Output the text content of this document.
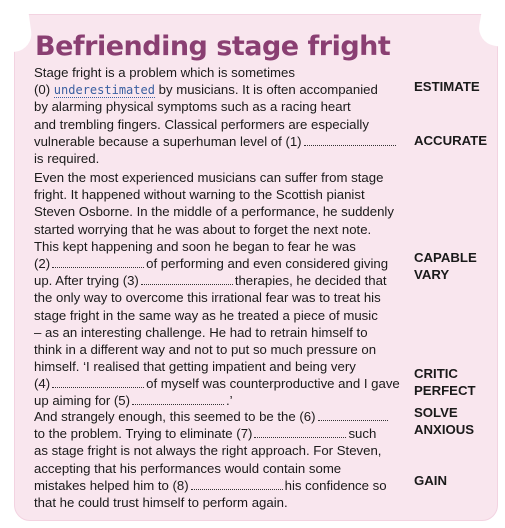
Befriending stage fright
Stage fright is a problem which is sometimes
(0) underestimated by musicians. It is often accompanied
by alarming physical symptoms such as a racing heart
and trembling fingers. Classical performers are especially
vulnerable because a superhuman level of (1)
is required.
Even the most experienced musicians can suffer from stage
fright. It happened without warning to the Scottish pianist
Steven Osborne. In the middle of a performance, he suddenly
started worrying that he was about to forget the next note.
This kept happening and soon he began to fear he was
(2)	of performing and even considered giving
up. After trying (3)	therapies, he decided that
the only way to overcome this irrational fear was to treat his
stage fright in the same way as he treated a piece of music
– as an interesting challenge. He had to retrain himself to
think in a different way and not to put so much pressure on
himself. ‘I realised that getting impatient and being very
(4)	of myself was counterproductive and I gave
up aiming for (5)	.’
And strangely enough, this seemed to be the (6)
to the problem. Trying to eliminate (7)	such
as stage fright is not always the right approach. For Steven,
accepting that his performances would contain some
mistakes helped him to (8)	his confidence so
that he could trust himself to perform again.
ESTIMATE
ACCURATE
CAPABLE
VARY
CRITIC
PERFECT
SOLVE
ANXIOUS
GAIN
